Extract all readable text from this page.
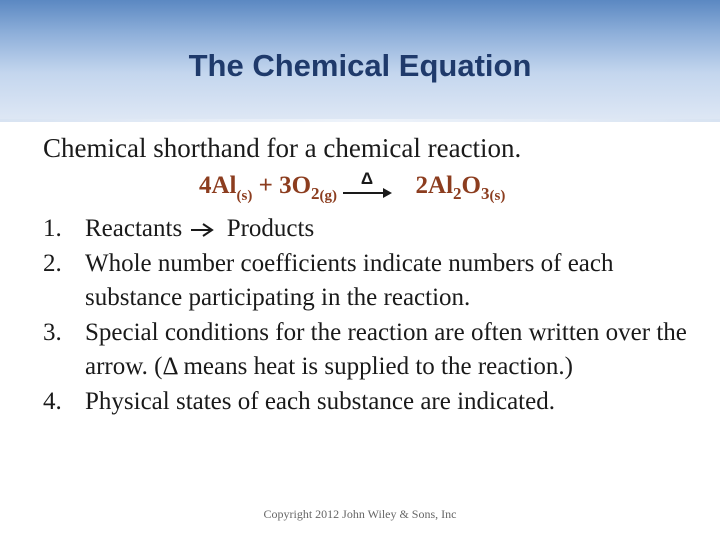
The Chemical Equation
Chemical shorthand for a chemical reaction.
$4Al_{(s)} + 3O_{2(g)}$
Δ $2Al_2O_{3(s)}$
1. Reactants Products
2. Whole number coefficients indicate numbers of each substance participating in the reaction.
3. Special conditions for the reaction are often written over the arrow. (Δ means heat is supplied to the reaction.)
4. Physical states of each substance are indicated.
Copyright 2012 John Wiley & Sons, Inc
